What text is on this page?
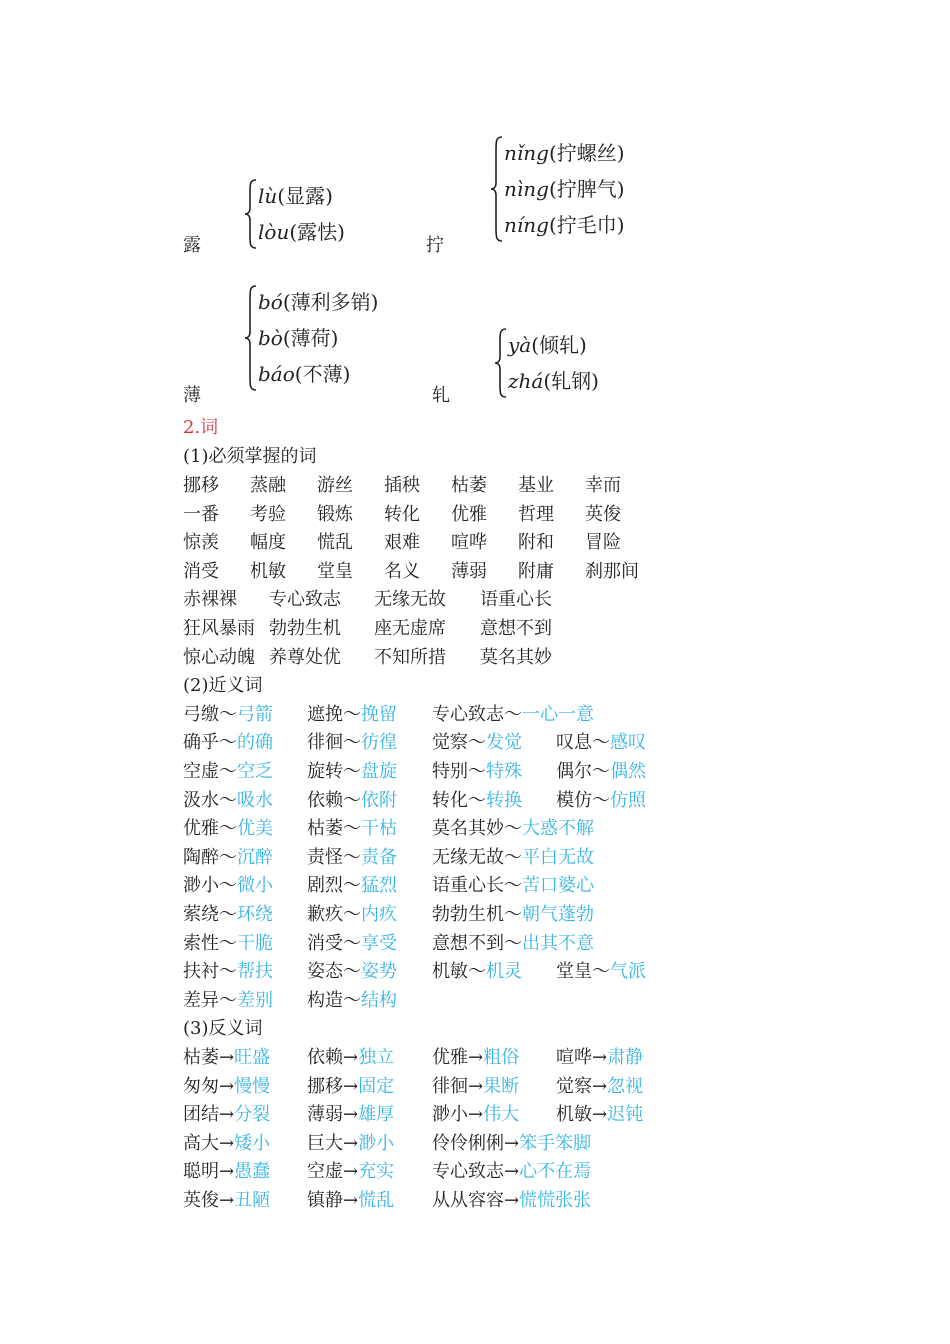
露
lù(显露)
lòu(露怯)
拧
nǐng(拧螺丝)
nìng(拧脾气)
níng(拧毛巾)
薄
bó(薄利多销)
bò(薄荷)
báo(不薄)
轧
yà(倾轧)
zhá(轧钢)
2.词
(1)必须掌握的词
挪移 蒸融 游丝 插秧 枯萎 基业 幸而
一番 考验 锻炼 转化 优雅 哲理 英俊
惊羡 幅度 慌乱 艰难 喧哗 附和 冒险
消受 机敏 堂皇 名义 薄弱 附庸 刹那间
赤裸裸 专心致志 无缘无故 语重心长
狂风暴雨 勃勃生机 座无虚席 意想不到
惊心动魄 养尊处优 不知所措 莫名其妙
(2)近义词
弓缴～弓箭 遮挽～挽留 专心致志～一心一意
确乎～的确 徘徊～彷徨 觉察～发觉 叹息～感叹
空虚～空乏 旋转～盘旋 特别～特殊 偶尔～偶然
汲水～吸水 依赖～依附 转化～转换 模仿～仿照
优雅～优美 枯萎～干枯 莫名其妙～大惑不解
陶醉～沉醉 责怪～责备 无缘无故～平白无故
渺小～微小 剧烈～猛烈 语重心长～苦口婆心
萦绕～环绕 歉疚～内疚 勃勃生机～朝气蓬勃
索性～干脆 消受～享受 意想不到～出其不意
扶衬～帮扶 姿态～姿势 机敏～机灵 堂皇～气派
差异～差别 构造～结构
(3)反义词
枯萎→旺盛 依赖→独立 优雅→粗俗 喧哗→肃静
匆匆→慢慢 挪移→固定 徘徊→果断 觉察→忽视
团结→分裂 薄弱→雄厚 渺小→伟大 机敏→迟钝
高大→矮小 巨大→渺小 伶伶俐俐→笨手笨脚
聪明→愚蠢 空虚→充实 专心致志→心不在焉
英俊→丑陋 镇静→慌乱 从从容容→慌慌张张
